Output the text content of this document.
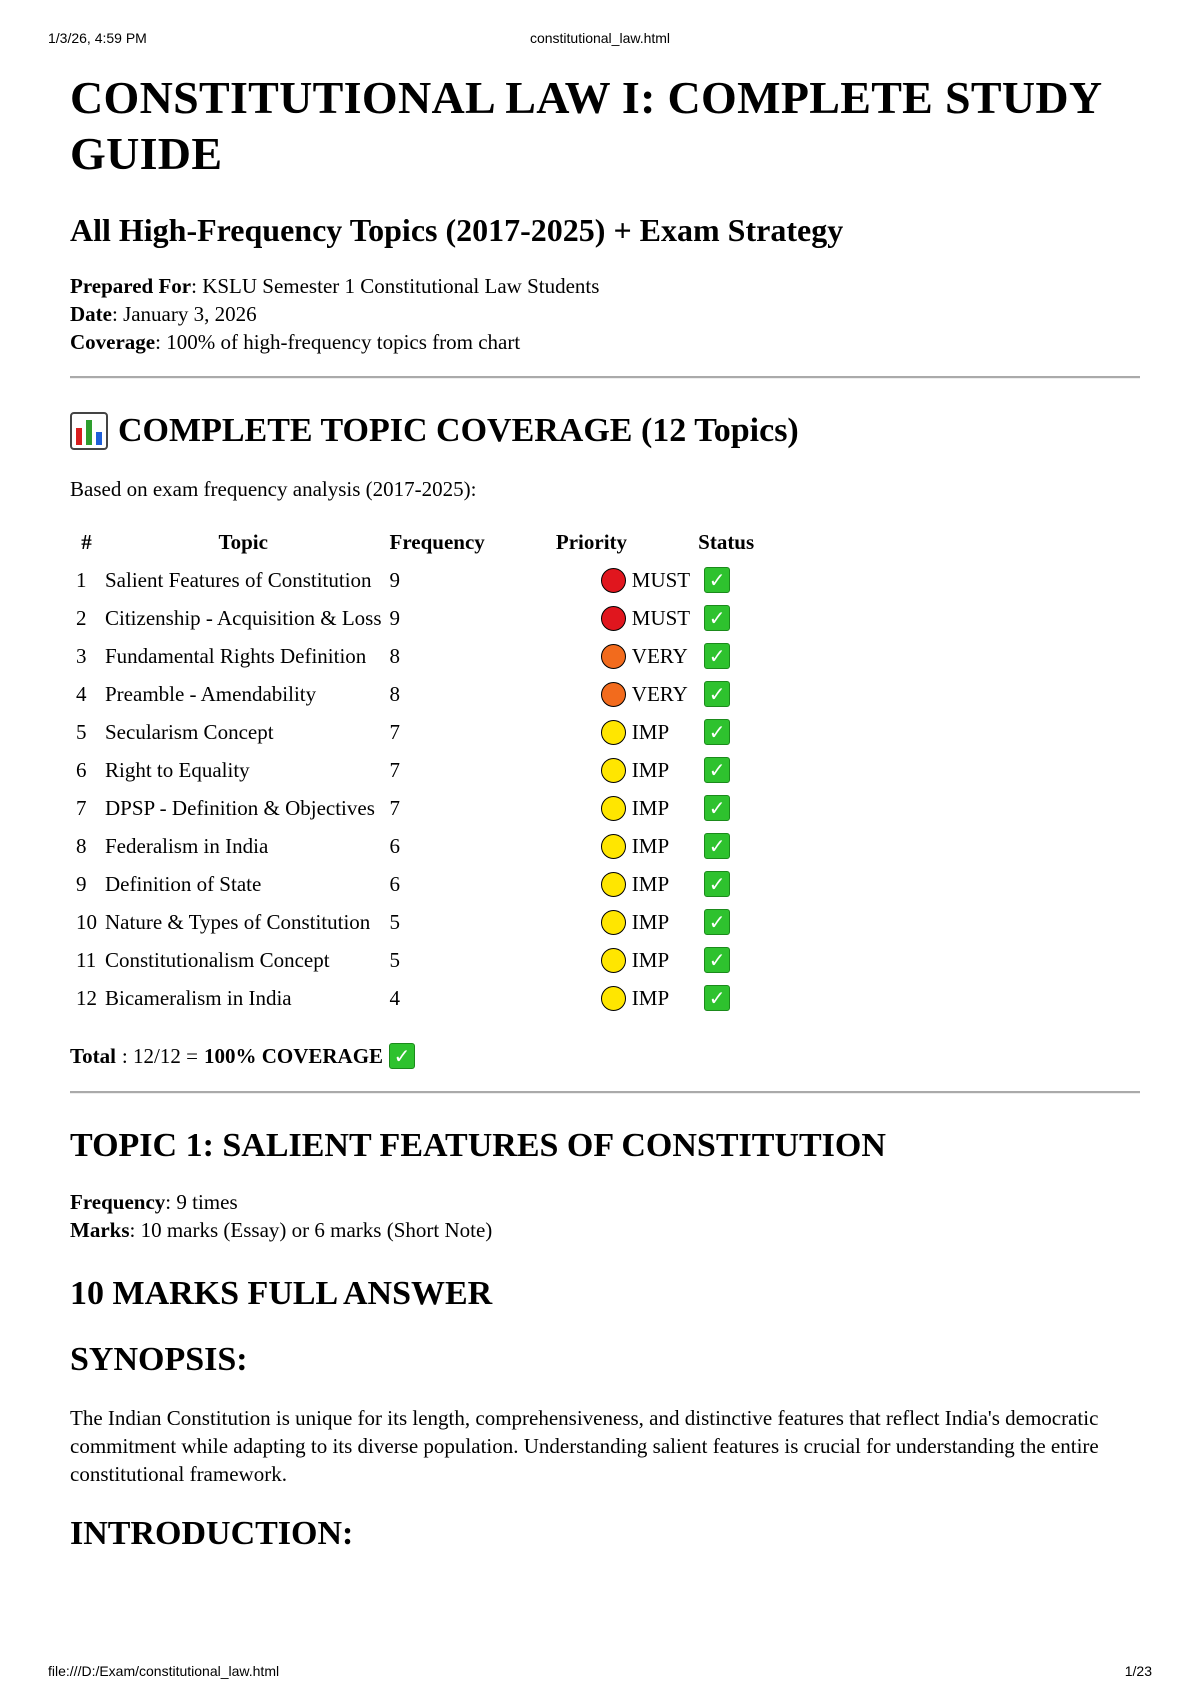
1/3/26, 4:59 PM	constitutional_law.html
CONSTITUTIONAL LAW I: COMPLETE STUDY GUIDE
All High-Frequency Topics (2017-2025) + Exam Strategy

Prepared For: KSLU Semester 1 Constitutional Law Students

Date: January 3, 2026

Coverage: 100% of high-frequency topics from chart

COMPLETE TOPIC COVERAGE (12 Topics)

Based on exam frequency analysis (2017-2025):

#	Topic	Frequency	Priority	Status
1	Salient Features of Constitution	9	MUST	✓
2	Citizenship - Acquisition & Loss	9	MUST	✓
3	Fundamental Rights Definition	8	VERY	✓
4	Preamble - Amendability	8	VERY	✓
5	Secularism Concept	7	IMP	✓
6	Right to Equality	7	IMP	✓
7	DPSP - Definition & Objectives	7	IMP	✓
8	Federalism in India	6	IMP	✓
9	Definition of State	6	IMP	✓
10	Nature & Types of Constitution	5	IMP	✓
11	Constitutionalism Concept	5	IMP	✓
12	Bicameralism in India	4	IMP	✓

Total : 12/12 = 100% COVERAGE ✓

TOPIC 1: SALIENT FEATURES OF CONSTITUTION

Frequency: 9 times

Marks: 10 marks (Essay) or 6 marks (Short Note)

10 MARKS FULL ANSWER
SYNOPSIS:

The Indian Constitution is unique for its length, comprehensiveness, and distinctive features that reflect India's democratic commitment while adapting to its diverse population. Understanding salient features is crucial for understanding the entire constitutional framework.

INTRODUCTION:
file:///D:/Exam/constitutional_law.html	1/23
